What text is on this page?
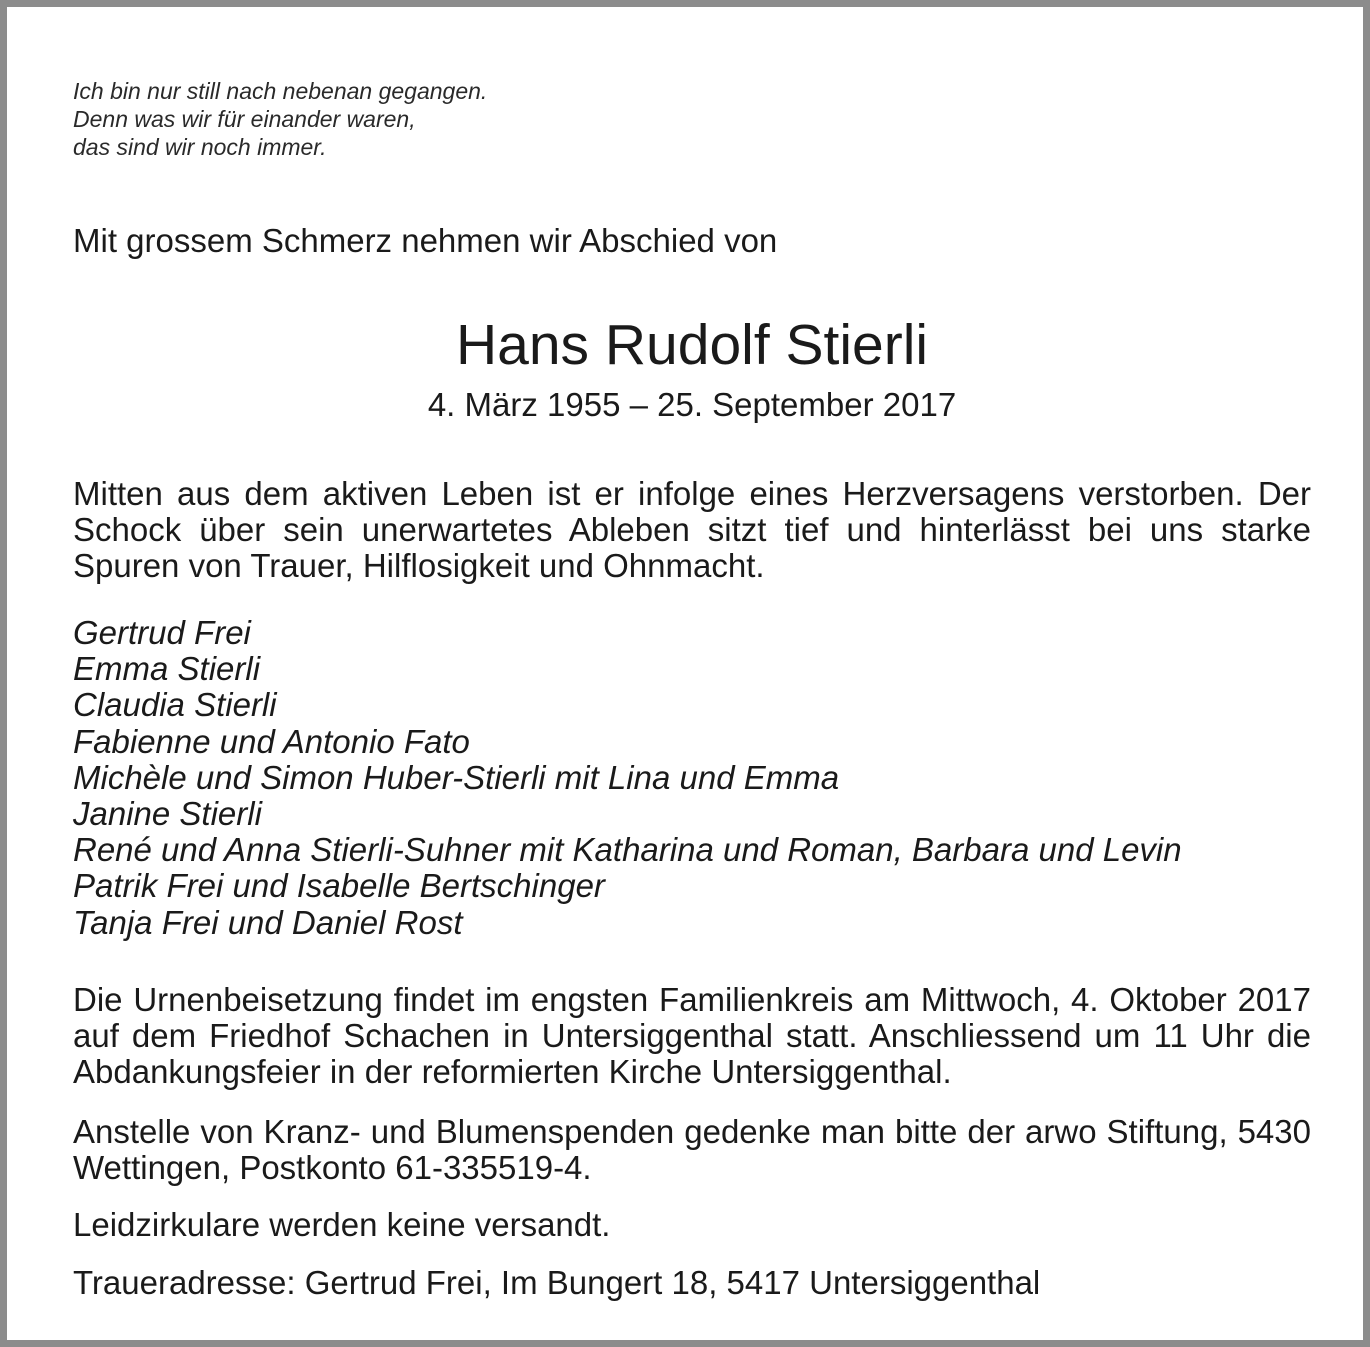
Ich bin nur still nach nebenan gegangen.
Denn was wir für einander waren,
das sind wir noch immer.
Mit grossem Schmerz nehmen wir Abschied von
Hans Rudolf Stierli
4. März 1955 – 25. September 2017
Mitten aus dem aktiven Leben ist er infolge eines Herzversagens verstorben. Der Schock über sein unerwartetes Ableben sitzt tief und hinterlässt bei uns starke Spuren von Trauer, Hilflosigkeit und Ohnmacht.
Gertrud Frei
Emma Stierli
Claudia Stierli
Fabienne und Antonio Fato
Michèle und Simon Huber-Stierli mit Lina und Emma
Janine Stierli
René und Anna Stierli-Suhner mit Katharina und Roman, Barbara und Levin
Patrik Frei und Isabelle Bertschinger
Tanja Frei und Daniel Rost
Die Urnenbeisetzung findet im engsten Familienkreis am Mittwoch, 4. Oktober 2017 auf dem Friedhof Schachen in Untersiggenthal statt. Anschliessend um 11 Uhr die Abdankungsfeier in der reformierten Kirche Untersiggenthal.
Anstelle von Kranz- und Blumenspenden gedenke man bitte der arwo Stiftung, 5430 Wettingen, Postkonto 61-335519-4.
Leidzirkulare werden keine versandt.
Traueradresse: Gertrud Frei, Im Bungert 18, 5417 Untersiggenthal
